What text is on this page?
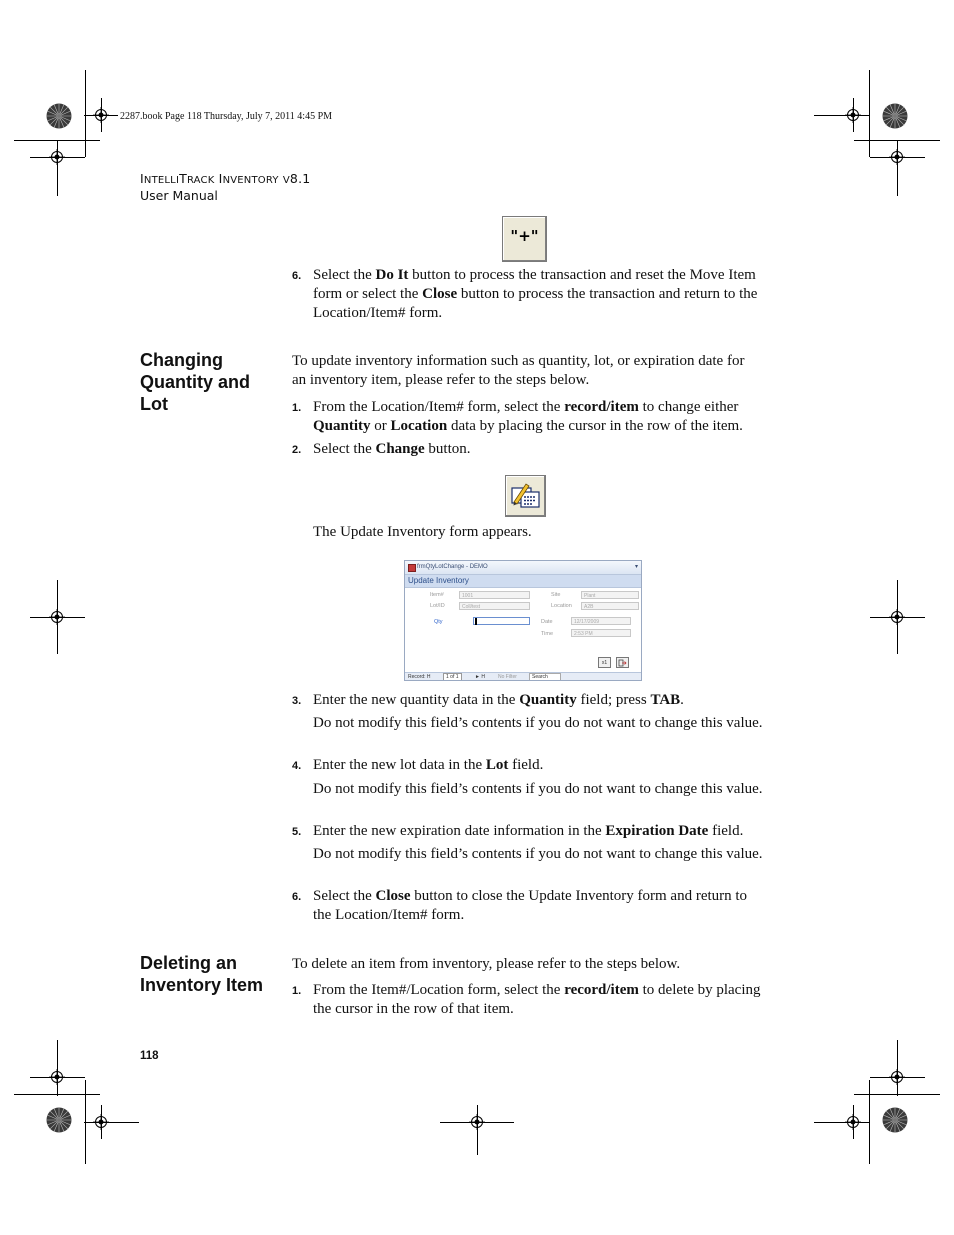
2287.book Page 118 Thursday, July 7, 2011 4:45 PM
INTELLITRACK INVENTORY V8.1
User Manual
"+"
6. Select the Do It button to process the transaction and reset the Move Item form or select the Close button to process the transaction and return to the Location/Item# form.
Changing Quantity and Lot
To update inventory information such as quantity, lot, or expiration date for an inventory item, please refer to the steps below.
1. From the Location/Item# form, select the record/item to change either Quantity or Location data by placing the cursor in the row of the item.
2. Select the Change button.
The Update Inventory form appears.
frmQtyLotChange - DEMO	▾
Update Inventory
Item#	1001
Lot/ID	Coll/test
Qty
Site	Plant
Location	A2B
Date	12/17/2009
Time	2:53 PM
x1
Record: H	1 of 1	► H	No Filter	Search
3. Enter the new quantity data in the Quantity field; press TAB.
Do not modify this field’s contents if you do not want to change this value.
4. Enter the new lot data in the Lot field.
Do not modify this field’s contents if you do not want to change this value.
5. Enter the new expiration date information in the Expiration Date field.
Do not modify this field’s contents if you do not want to change this value.
6. Select the Close button to close the Update Inventory form and return to the Location/Item# form.
Deleting an Inventory Item
To delete an item from inventory, please refer to the steps below.
1. From the Item#/Location form, select the record/item to delete by placing the cursor in the row of that item.
118
